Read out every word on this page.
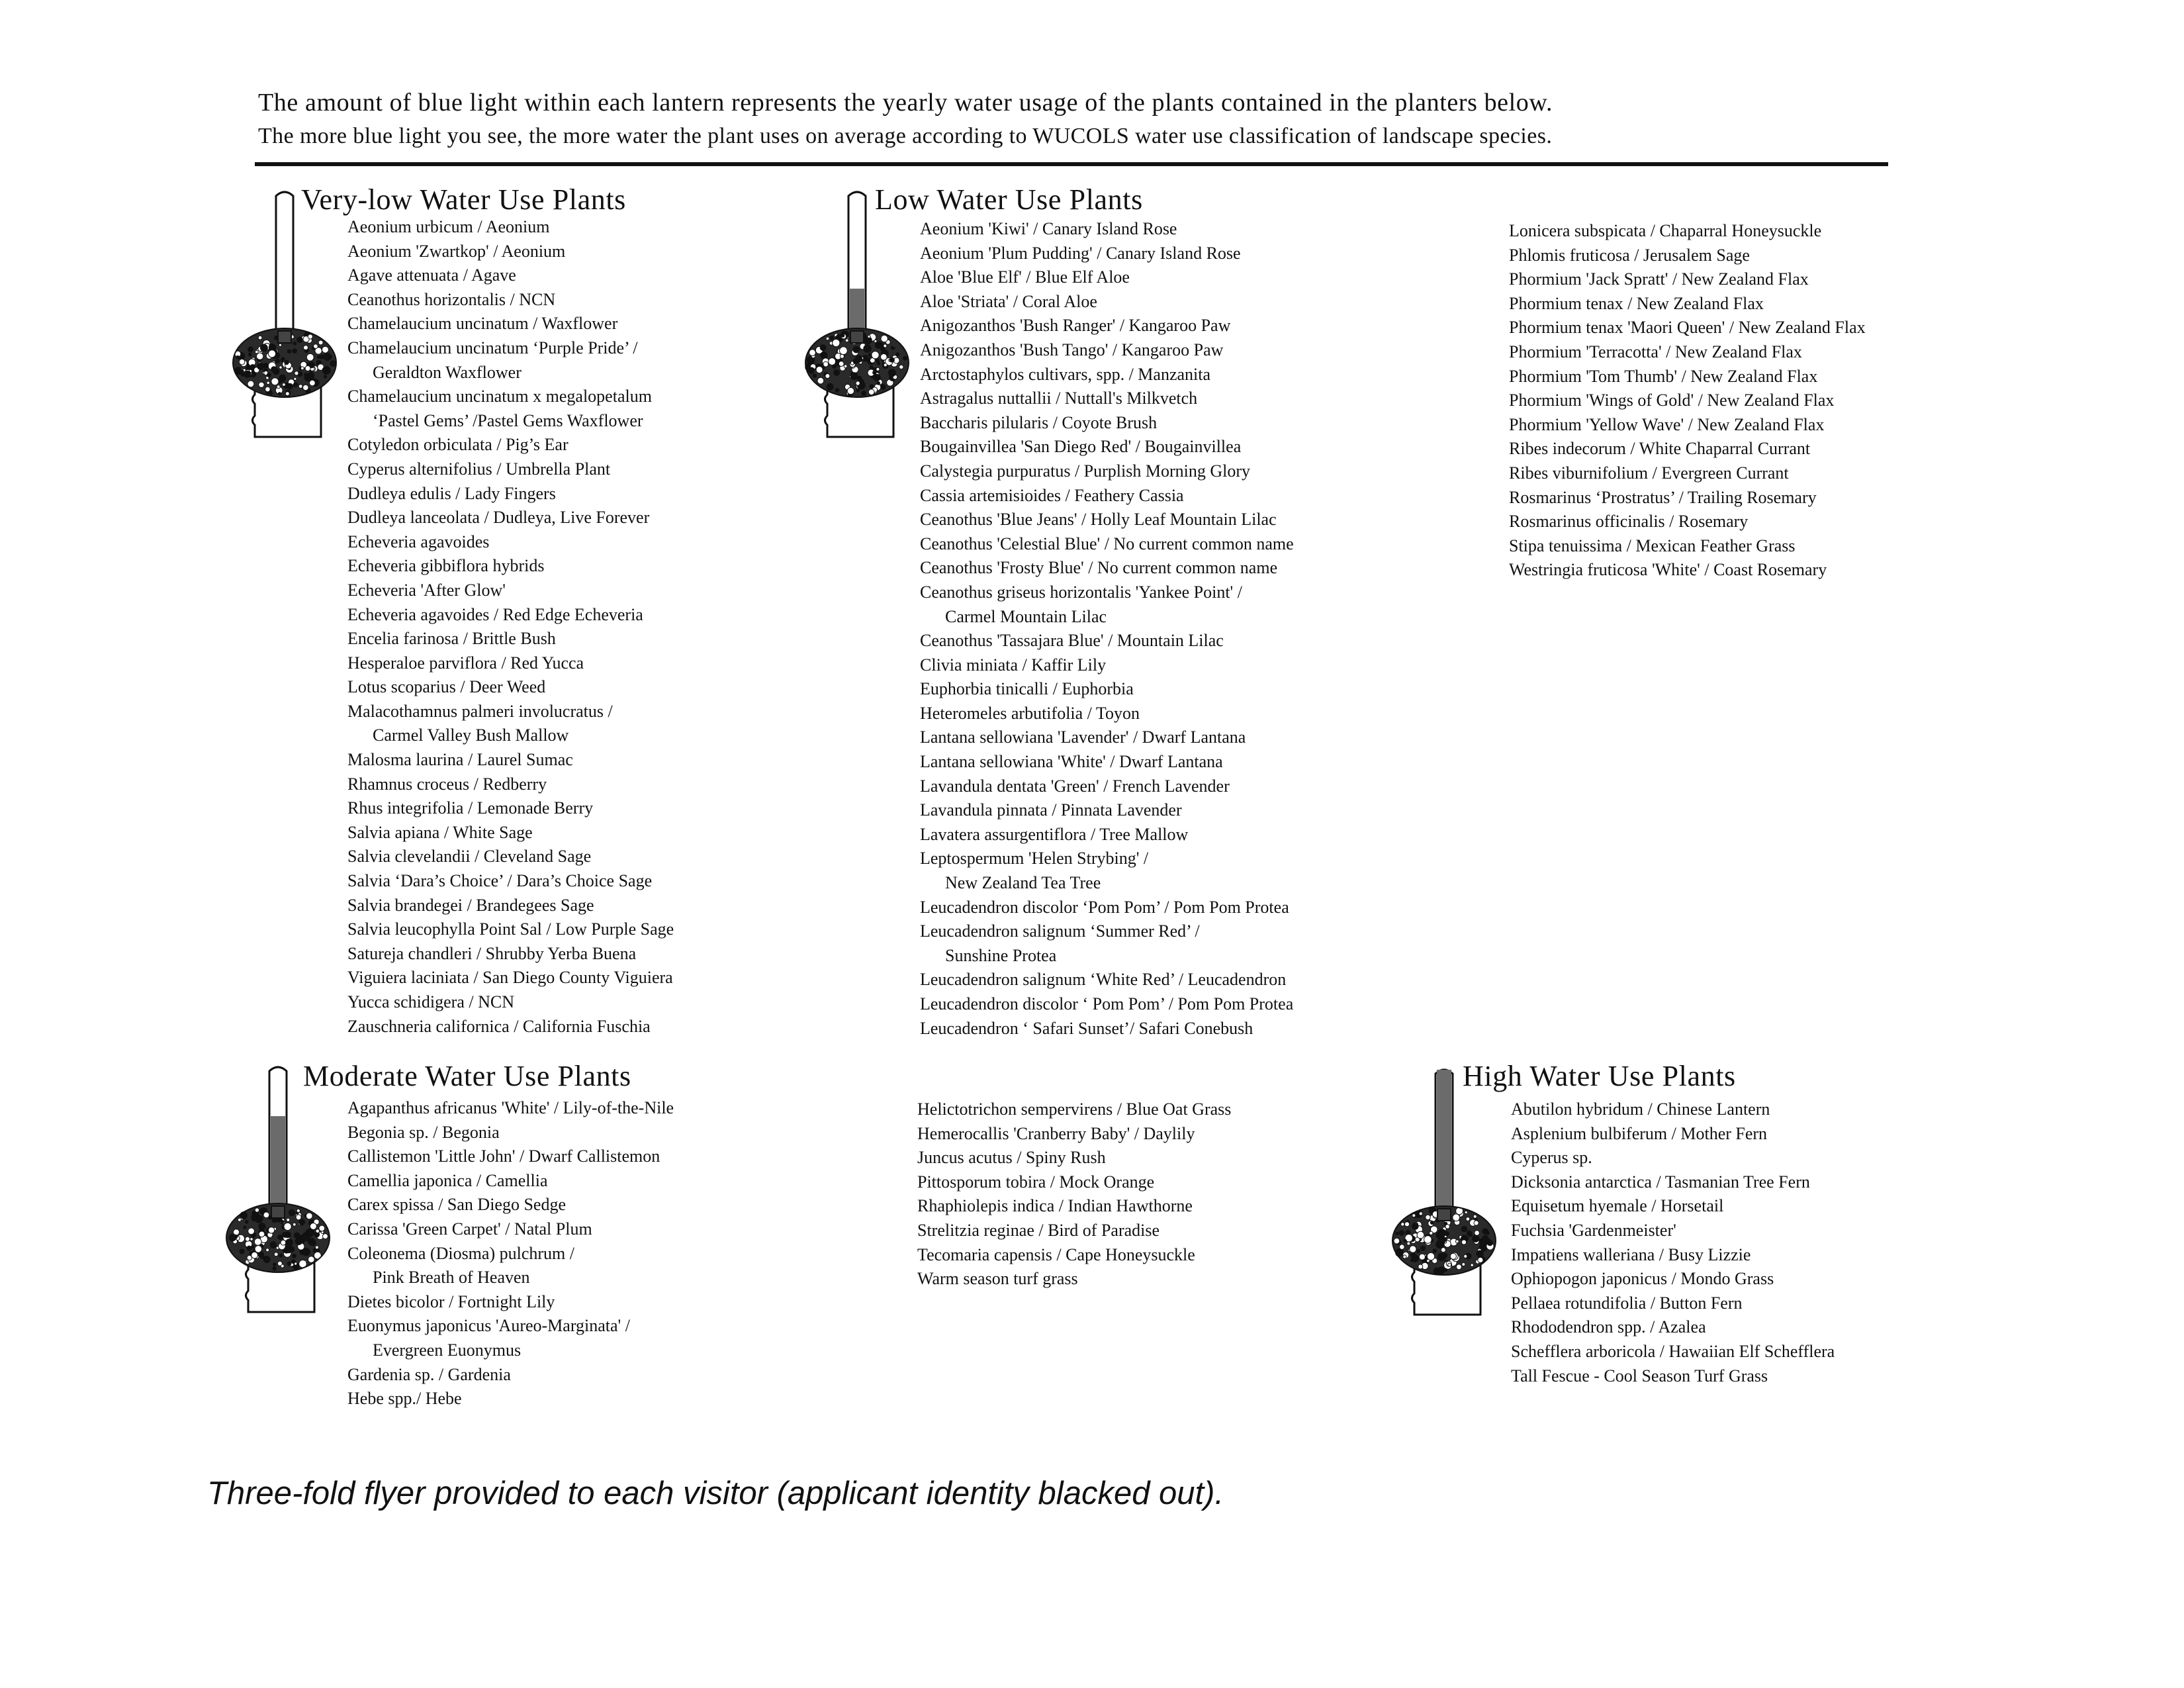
The amount of blue light within each lantern represents the yearly water usage of the plants contained in the planters below.
The more blue light you see, the more water the plant uses on average according to WUCOLS water use classification of landscape species.
Very-low Water Use Plants
Aeonium urbicum / Aeonium
Aeonium 'Zwartkop' / Aeonium
Agave attenuata / Agave
Ceanothus horizontalis / NCN
Chamelaucium uncinatum / Waxflower
Chamelaucium uncinatum ‘Purple Pride’ /
Geraldton Waxflower
Chamelaucium uncinatum x megalopetalum
‘Pastel Gems’ /Pastel Gems Waxflower
Cotyledon orbiculata / Pig’s Ear
Cyperus alternifolius / Umbrella Plant
Dudleya edulis / Lady Fingers
Dudleya lanceolata / Dudleya, Live Forever
Echeveria agavoides
Echeveria gibbiflora hybrids
Echeveria 'After Glow'
Echeveria agavoides / Red Edge Echeveria
Encelia farinosa / Brittle Bush
Hesperaloe parviflora / Red Yucca
Lotus scoparius / Deer Weed
Malacothamnus palmeri involucratus /
Carmel Valley Bush Mallow
Malosma laurina / Laurel Sumac
Rhamnus croceus / Redberry
Rhus integrifolia / Lemonade Berry
Salvia apiana / White Sage
Salvia clevelandii / Cleveland Sage
Salvia ‘Dara’s Choice’ / Dara’s Choice Sage
Salvia brandegei / Brandegees Sage
Salvia leucophylla Point Sal / Low Purple Sage
Satureja chandleri / Shrubby Yerba Buena
Viguiera laciniata / San Diego County Viguiera
Yucca schidigera / NCN
Zauschneria californica / California Fuschia
Low Water Use Plants
Aeonium 'Kiwi' / Canary Island Rose
Aeonium 'Plum Pudding' / Canary Island Rose
Aloe 'Blue Elf' / Blue Elf Aloe
Aloe 'Striata' / Coral Aloe
Anigozanthos 'Bush Ranger' / Kangaroo Paw
Anigozanthos 'Bush Tango' / Kangaroo Paw
Arctostaphylos cultivars, spp. / Manzanita
Astragalus nuttallii / Nuttall's Milkvetch
Baccharis pilularis / Coyote Brush
Bougainvillea 'San Diego Red' / Bougainvillea
Calystegia purpuratus / Purplish Morning Glory
Cassia artemisioides / Feathery Cassia
Ceanothus 'Blue Jeans' / Holly Leaf Mountain Lilac
Ceanothus 'Celestial Blue' / No current common name
Ceanothus 'Frosty Blue' / No current common name
Ceanothus griseus horizontalis 'Yankee Point' /
Carmel Mountain Lilac
Ceanothus 'Tassajara Blue' / Mountain Lilac
Clivia miniata / Kaffir Lily
Euphorbia tinicalli / Euphorbia
Heteromeles arbutifolia / Toyon
Lantana sellowiana 'Lavender' / Dwarf Lantana
Lantana sellowiana 'White' / Dwarf Lantana
Lavandula dentata 'Green' / French Lavender
Lavandula pinnata / Pinnata Lavender
Lavatera assurgentiflora / Tree Mallow
Leptospermum 'Helen Strybing' /
New Zealand Tea Tree
Leucadendron discolor ‘Pom Pom’ / Pom Pom Protea
Leucadendron salignum ‘Summer Red’ /
Sunshine Protea
Leucadendron salignum ‘White Red’ / Leucadendron
Leucadendron discolor ‘ Pom Pom’ / Pom Pom Protea
Leucadendron ‘ Safari Sunset’/ Safari Conebush
Lonicera subspicata / Chaparral Honeysuckle
Phlomis fruticosa / Jerusalem Sage
Phormium 'Jack Spratt' / New Zealand Flax
Phormium tenax / New Zealand Flax
Phormium tenax 'Maori Queen' / New Zealand Flax
Phormium 'Terracotta' / New Zealand Flax
Phormium 'Tom Thumb' / New Zealand Flax
Phormium 'Wings of Gold' / New Zealand Flax
Phormium 'Yellow Wave' / New Zealand Flax
Ribes indecorum / White Chaparral Currant
Ribes viburnifolium / Evergreen Currant
Rosmarinus ‘Prostratus’ / Trailing Rosemary
Rosmarinus officinalis / Rosemary
Stipa tenuissima / Mexican Feather Grass
Westringia fruticosa 'White' / Coast Rosemary
Moderate Water Use Plants
Agapanthus africanus 'White' / Lily-of-the-Nile
Begonia sp. / Begonia
Callistemon 'Little John' / Dwarf Callistemon
Camellia japonica / Camellia
Carex spissa / San Diego Sedge
Carissa 'Green Carpet' / Natal Plum
Coleonema (Diosma) pulchrum /
Pink Breath of Heaven
Dietes bicolor / Fortnight Lily
Euonymus japonicus 'Aureo-Marginata' /
Evergreen Euonymus
Gardenia sp. / Gardenia
Hebe spp./ Hebe
Helictotrichon sempervirens / Blue Oat Grass
Hemerocallis 'Cranberry Baby' / Daylily
Juncus acutus / Spiny Rush
Pittosporum tobira / Mock Orange
Rhaphiolepis indica / Indian Hawthorne
Strelitzia reginae / Bird of Paradise
Tecomaria capensis / Cape Honeysuckle
Warm season turf grass
High Water Use Plants
Abutilon hybridum / Chinese Lantern
Asplenium bulbiferum / Mother Fern
Cyperus sp.
Dicksonia antarctica / Tasmanian Tree Fern
Equisetum hyemale / Horsetail
Fuchsia 'Gardenmeister'
Impatiens walleriana / Busy Lizzie
Ophiopogon japonicus / Mondo Grass
Pellaea rotundifolia / Button Fern
Rhododendron spp. / Azalea
Schefflera arboricola / Hawaiian Elf Schefflera
Tall Fescue - Cool Season Turf Grass
Three-fold flyer provided to each visitor (applicant identity blacked out).
